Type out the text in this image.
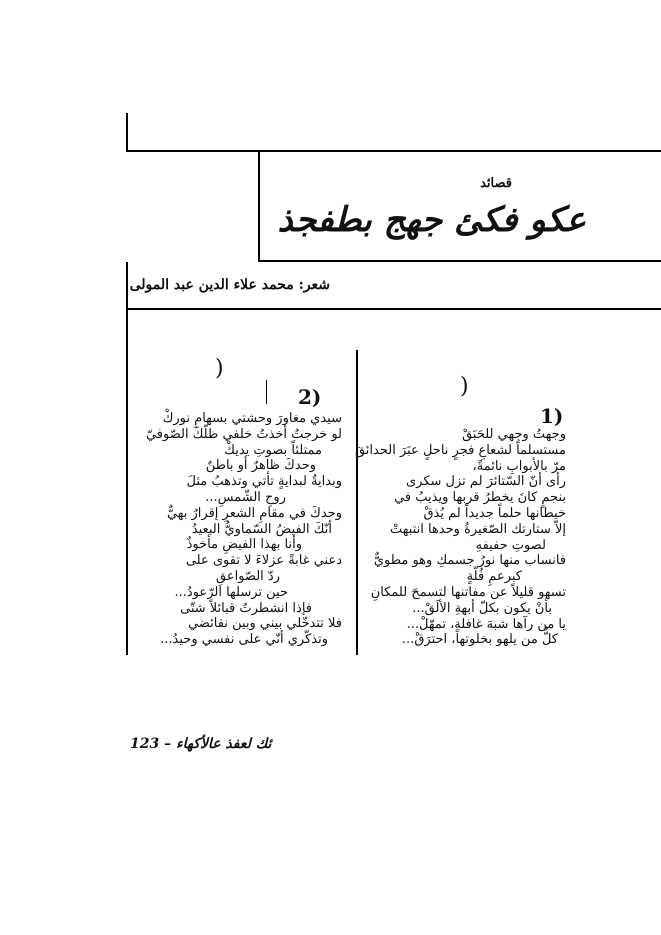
قصائد
عكو فكئ جهج بطفجذ
شعر: محمد علاء الدين عبد المولى
)
1)
)
2)
وجهتُ وجهي للحَبَقْ
مستسلماً لشعاعِ فجرٍ ناحلٍ عبَرَ الحدائقَ
مرّ بالأبوابِ نائمةً،
رأى أنّ السّتائرَ لم تزل سكرى
بنجمٍ كانَ يخطرُ قربها ويذيبُ في
خيطانها حلماً جديداً لم يُذقْ
إلاّ ستارتك الصّغيرةُ وحدها انتبهتْ
لصوتِ حفيفهِ
فانساب منها نورُ جسمكِ وهو مطويٌّ
كبرعمِ فُلّةٍ
تسهو قليلاً عن مفاتنها لتسمحَ للمكانِ
بأنْ يكون بكلّ أبهةِ الألَقْ...
يا من رآها شبهَ غافلةٍ، تمهّلْ...
كلُّ من يلهو بخلوتها، احترَقْ...
سيدي مغاورَ وحشتي بسهامِ نوركْ
لو خرجتُ أخذتُ خلفي ظلّكَ الصّوفيّ
ممتلئاً بصوتِ يديكْ
وحدكَ ظاهرٌ أو باطنٌ
وبدايةٌ لبدايةٍ تأتي وتذهبُ مثلَ
روحِ الشّمسِ...
وحدكَ في مقامِ الشعرِ إقرارٌ بهيٌّ
أنّكَ الفيضُ السّماويُّ البعيدُ
وأنا بهذا الفيضِ مأخوذٌ
دعني غابةً عزلاءَ لا تقوى على
ردّ الصّواعقِ
حين ترسلها الرّعودُ...
فإذا انشطرتُ قبائلاً شتّى
فلا تتدخّلي بيني وبين نقائضي
وتذكّري أنّي على نفسي وحيدُ...
123 – ئك لعفذ عالأكهاء
